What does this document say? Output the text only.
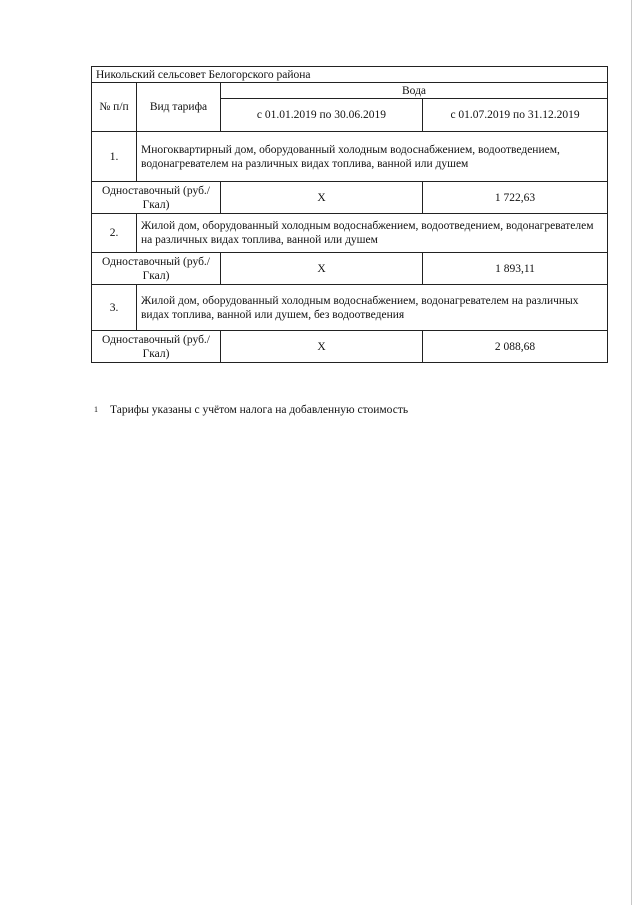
Никольский сельсовет Белогорского района			
№ п/п	Вид тарифа	Вода	
		с 01.01.2019 по 30.06.2019	с 01.07.2019 по 31.12.2019
1.	Многоквартирный дом, оборудованный холодным водоснабжением, водоотведением, водонагревателем на различных видах топлива, ванной или душем		
Одноставочный (руб./Гкал)		Х	1 722,63
2.	Жилой дом, оборудованный холодным водоснабжением, водоотведением, водонагревателем на различных видах топлива, ванной или душем		
Одноставочный (руб./Гкал)		Х	1 893,11
3.	Жилой дом, оборудованный холодным водоснабжением, водонагревателем на различных видах топлива, ванной или душем, без водоотведения		
Одноставочный (руб./Гкал)		Х	2 088,68
1 Тарифы указаны с учётом налога на добавленную стоимость
